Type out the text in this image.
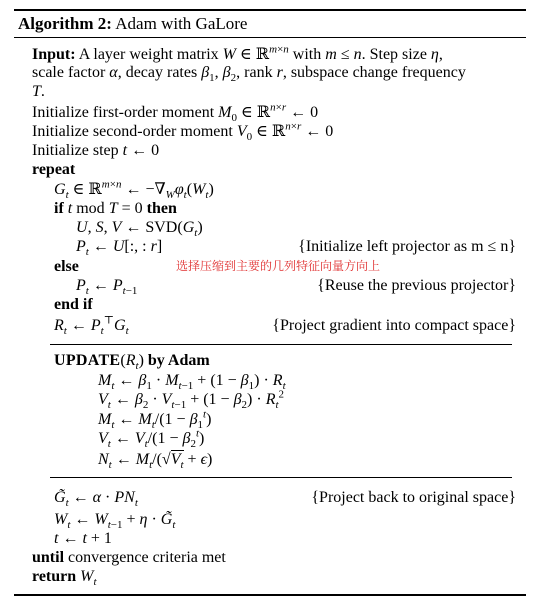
Algorithm 2: Adam with GaLore
Input: A layer weight matrix W ∈ ℝ$^{m\times n}$ with m ≤ n. Step size η,
scale factor α, decay rates $\beta_1$, $\beta_2$, rank r, subspace change frequency
T.
Initialize first-order moment $M_0$ ∈ ℝ$^{n\times r}$ ← 0
Initialize second-order moment $V_0$ ∈ ℝ$^{n\times r}$ ← 0
Initialize step t ← 0
repeat
$G_t$ ∈ ℝ$^{m\times n}$ ← $-\nabla_W\varphi_t(W_t)$
if t mod T = 0 then
U, S, V ← $SVD(G_t)$
$P_t$ ← U[:, : r]	{Initialize left projector as m ≤ n}
else	选择压缩到主要的几列特征向量方向上
$P_t$ ← $P_{t-1}$	{Reuse the previous projector}
end if
$R_t$ ← $P_t^⊤G_t$	{Project gradient into compact space}
$UPDATE(R_t)$ by Adam
$M_t$ ← $\beta_1 \cdot M_{t-1} + (1 - \beta_1) \cdot R_t$
$V_t$ ← $\beta_2 \cdot V_{t-1} + (1 - \beta_2) \cdot R_t^2$
$M_t$ ← $M_t/(1 - \beta_1^t)$
$V_t$ ← $V_t/(1 - \beta_2^t)$
$N_t$ ← $M_t/(√V_t + \epsilon)$
$G̃_t$ ← $\alpha \cdot PN_t$	{Project back to original space}
$W_t$ ← $W_{t-1} + \eta$ · $G̃_t$
t ← t + 1
until convergence criteria met
return $W_t$
